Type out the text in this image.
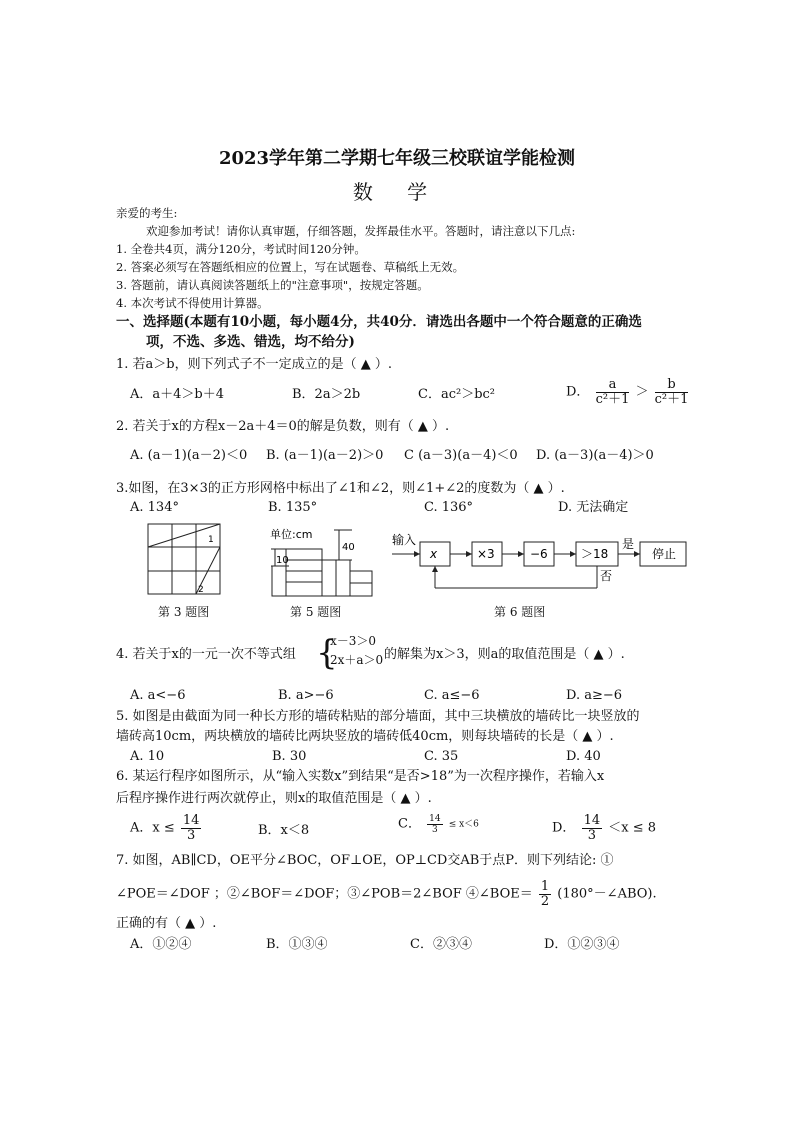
2023学年第二学期七年级三校联谊学能检测
数 学
亲爱的考生:
欢迎参加考试！请你认真审题，仔细答题，发挥最佳水平。答题时，请注意以下几点:
1. 全卷共4页，满分120分，考试时间120分钟。
2. 答案必须写在答题纸相应的位置上，写在试题卷、草稿纸上无效。
3. 答题前，请认真阅读答题纸上的"注意事项"，按规定答题。
4. 本次考试不得使用计算器。
一、选择题(本题有10小题，每小题4分，共40分．请选出各题中一个符合题意的正确选
项，不选、多选、错选，均不给分)
1. 若a＞b，则下列式子不一定成立的是（ ▲ ）.
A．a＋4＞b＋4	B．2a＞2b	C．ac²＞bc²	D． $\frac{a}{\text{c²＋1}} > \frac{b}{\text{c²＋1}}$
2. 若关于x的方程x－2a＋4＝0的解是负数，则有（ ▲ ）.
A. (a－1)(a－2)＜0 B. (a－1)(a－2)＞0 C (a－3)(a－4)＜0 D. (a－3)(a－4)＞0
3.如图，在3×3的正方形网格中标出了∠1和∠2，则∠1+∠2的度数为（ ▲ ）.
A. 134°	B. 135°	C. 136°	D. 无法确定
1
2
第 3 题图
单位:cm
10
40
第 5 题图
输入
x	×3	−6	＞18
是
停止
否
第 6 题图
4. 若关于x的一元一次不等式组 {
x－3＞0
2x＋a＞0 的解集为x＞3，则a的取值范围是（ ▲ ）.
A. a<−6	B. a>−6	C. a≤−6	D. a≥−6
5. 如图是由截面为同一种长方形的墙砖粘贴的部分墙面，其中三块横放的墙砖比一块竖放的
墙砖高10cm，两块横放的墙砖比两块竖放的墙砖低40cm，则每块墙砖的长是（ ▲ ）.
A. 10	B. 30	C. 35	D. 40
6. 某运行程序如图所示，从“输入实数x”到结果“是否>18”为一次程序操作，若输入x
后程序操作进行两次就停止，则x的取值范围是（ ▲ ）.
A．$x \le \frac{14}{3}$	B．x＜8	C． $\frac{14}{3} \le x<6$	D． $\frac{14}{3} <x \le 8$
7. 如图，AB∥CD，OE平分∠BOC，OF⊥OE，OP⊥CD交AB于点P．则下列结论: ①
∠POE＝∠DOF ；②∠BOF＝∠DOF；③∠POB＝2∠BOF ④∠BOE＝ $\frac{1}{2}$ (180°－∠ABO).
正确的有（ ▲ ）.
A．①②④	B．①③④	C．②③④	D．①②③④
